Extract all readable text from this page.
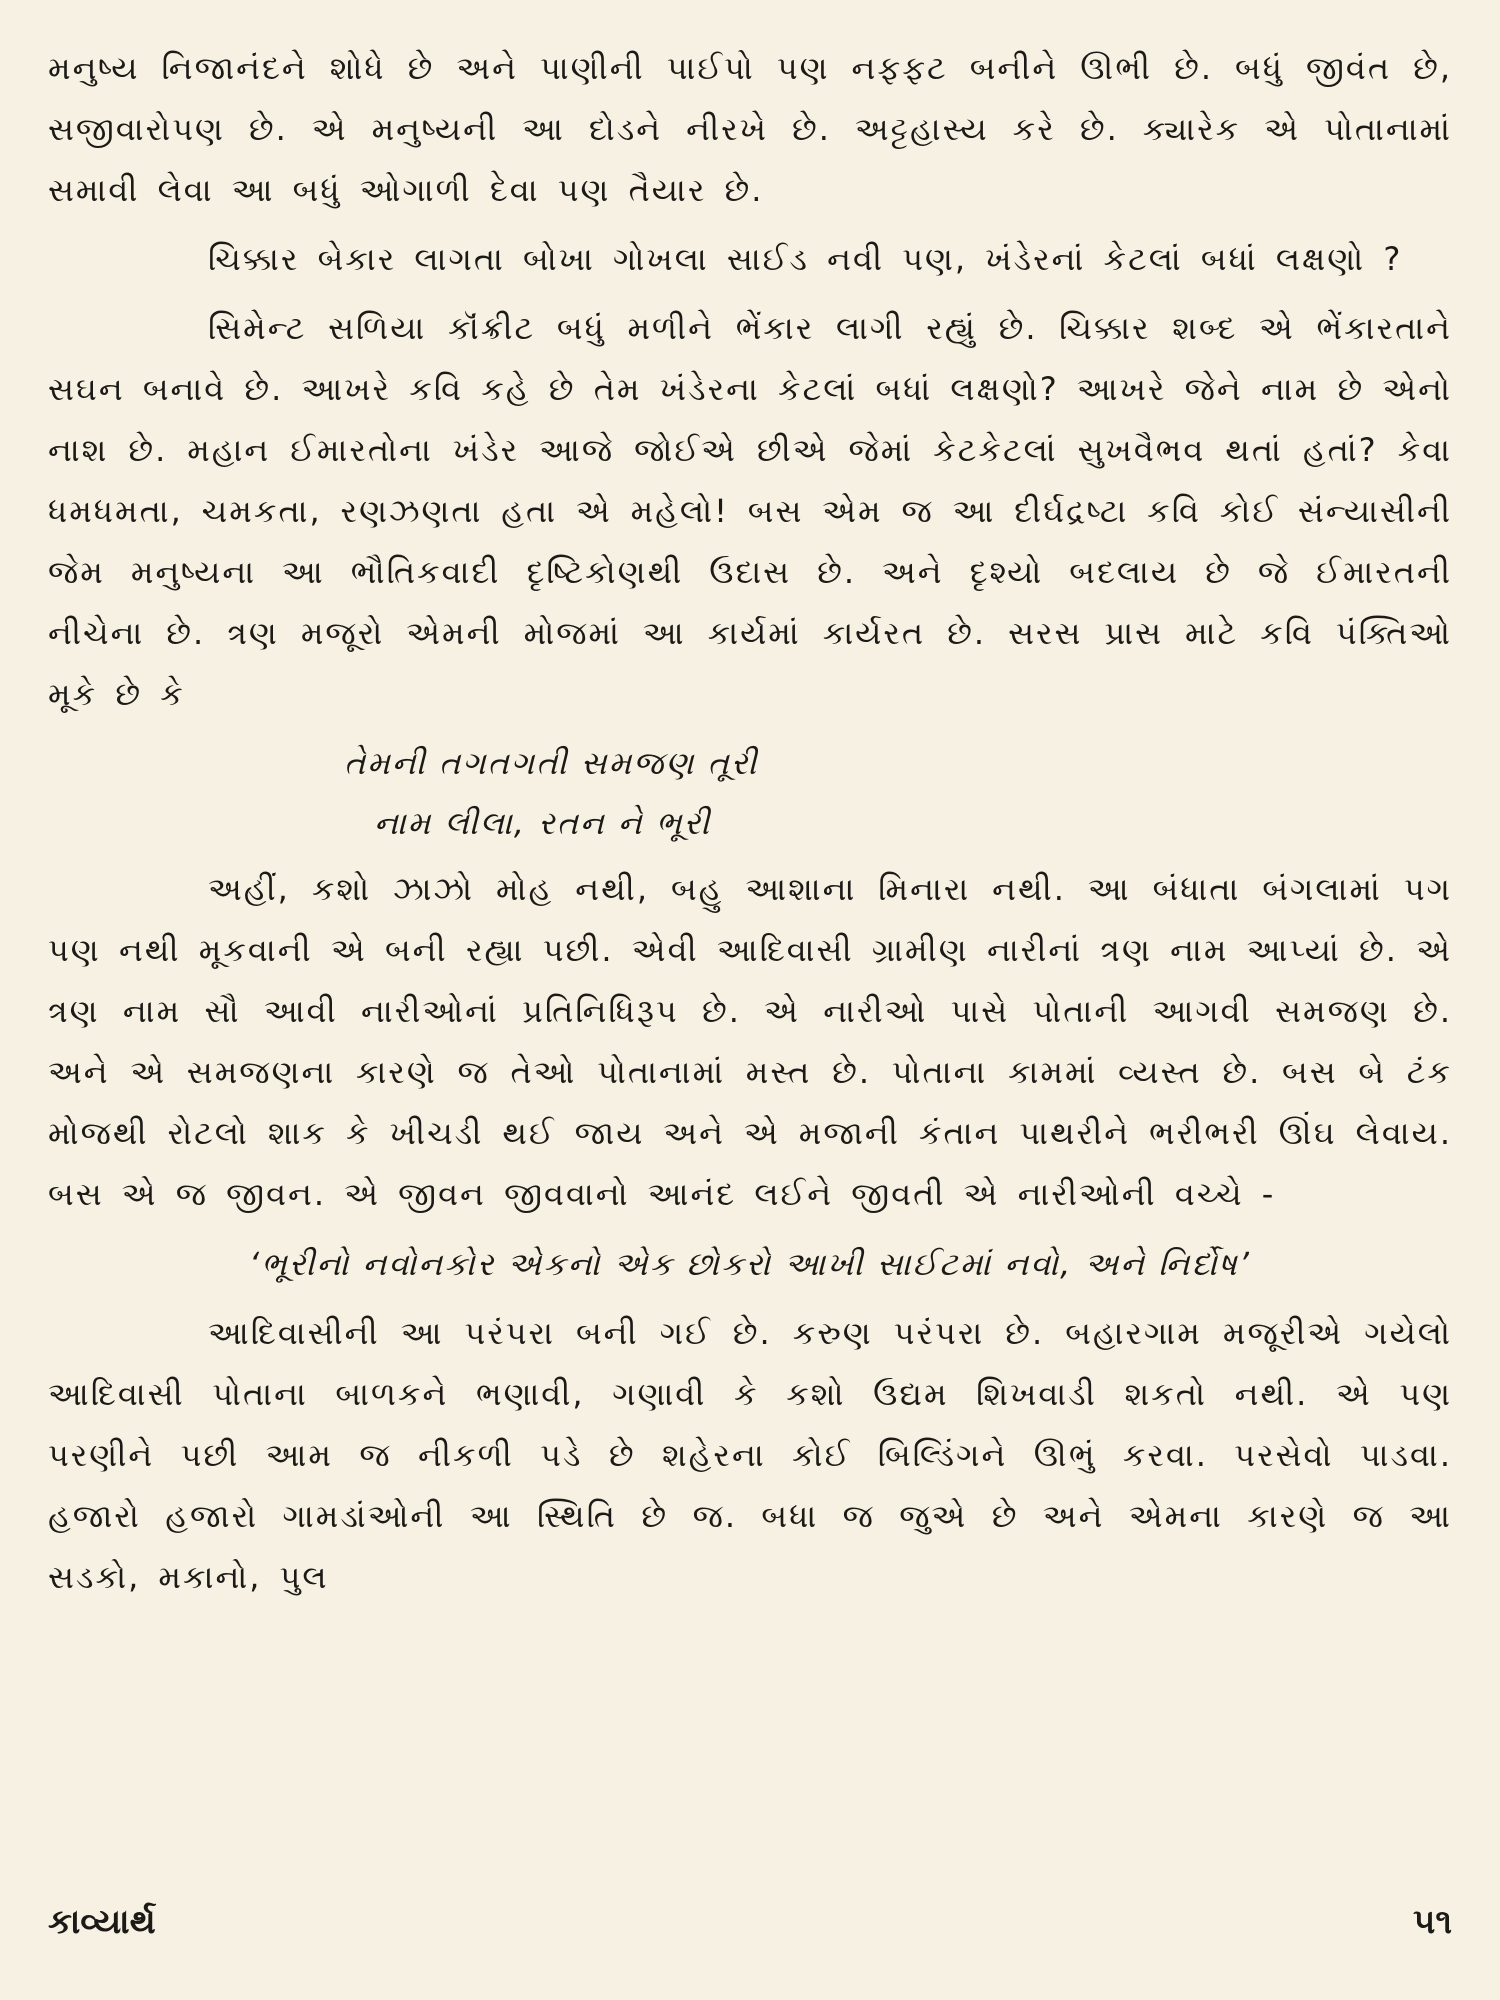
મનુષ્ય નિજાનંદને શોધે છે અને પાણીની પાઈપો પણ નફફટ બનીને ઊભી છે. બધું જીવંત છે, સજીવારોપણ છે. એ મનુષ્યની આ દોડને નીરખે છે. અટ્ટહાસ્ય કરે છે. ક્યારેક એ પોતાનામાં સમાવી લેવા આ બધું ઓગાળી દેવા પણ તૈયાર છે.

ચિક્કાર બેકાર લાગતા બોખા ગોખલા સાઈડ નવી પણ, ખંડેરનાં કેટલાં બધાં લક્ષણો ?

સિમેન્ટ સળિયા કૉંક્રીટ બધું મળીને ભેંકાર લાગી રહ્યું છે. ચિક્કાર શબ્દ એ ભેંકારતાને સઘન બનાવે છે. આખરે કવિ કહે છે તેમ ખંડેરના કેટલાં બધાં લક્ષણો? આખરે જેને નામ છે એનો નાશ છે. મહાન ઈમારતોના ખંડેર આજે જોઈએ છીએ જેમાં કેટકેટલાં સુખવૈભવ થતાં હતાં? કેવા ધમધમતા, ચમકતા, રણઝણતા હતા એ મહેલો! બસ એમ જ આ દીર્ઘદ્રષ્ટા કવિ કોઈ સંન્યાસીની જેમ મનુષ્યના આ ભૌતિકવાદી દૃષ્ટિકોણથી ઉદાસ છે. અને દૃશ્યો બદલાય છે જે ઈમારતની નીચેના છે. ત્રણ મજૂરો એમની મોજમાં આ કાર્યમાં કાર્યરત છે. સરસ પ્રાસ માટે કવિ પંક્તિઓ મૂકે છે કે

તેમની તગતગતી સમજણ તૂરી

નામ લીલા, રતન ને ભૂરી

અહીં, કશો ઝાઝો મોહ નથી, બહુ આશાના મિનારા નથી. આ બંધાતા બંગલામાં પગ પણ નથી મૂકવાની એ બની રહ્યા પછી. એવી આદિવાસી ગ્રામીણ નારીનાં ત્રણ નામ આપ્યાં છે. એ ત્રણ નામ સૌ આવી નારીઓનાં પ્રતિનિધિરૂપ છે. એ નારીઓ પાસે પોતાની આગવી સમજણ છે. અને એ સમજણના કારણે જ તેઓ પોતાનામાં મસ્ત છે. પોતાના કામમાં વ્યસ્ત છે. બસ બે ટંક મોજથી રોટલો શાક કે ખીચડી થઈ જાય અને એ મજાની કંતાન પાથરીને ભરીભરી ઊંઘ લેવાય. બસ એ જ જીવન. એ જીવન જીવવાનો આનંદ લઈને જીવતી એ નારીઓની વચ્ચે -

‘ભૂરીનો નવોનકોર એકનો એક છોકરો આખી સાઈટમાં નવો, અને નિર્દોષ’

આદિવાસીની આ પરંપરા બની ગઈ છે. કરુણ પરંપરા છે. બહારગામ મજૂરીએ ગયેલો આદિવાસી પોતાના બાળકને ભણાવી, ગણાવી કે કશો ઉદ્યમ શિખવાડી શકતો નથી. એ પણ પરણીને પછી આમ જ નીકળી પડે છે શહેરના કોઈ બિલ્ડિંગને ઊભું કરવા. પરસેવો પાડવા. હજારો હજારો ગામડાંઓની આ સ્થિતિ છે જ. બધા જ જુએ છે અને એમના કારણે જ આ સડકો, મકાનો, પુલ

કાવ્યાર્થ	૫૧
